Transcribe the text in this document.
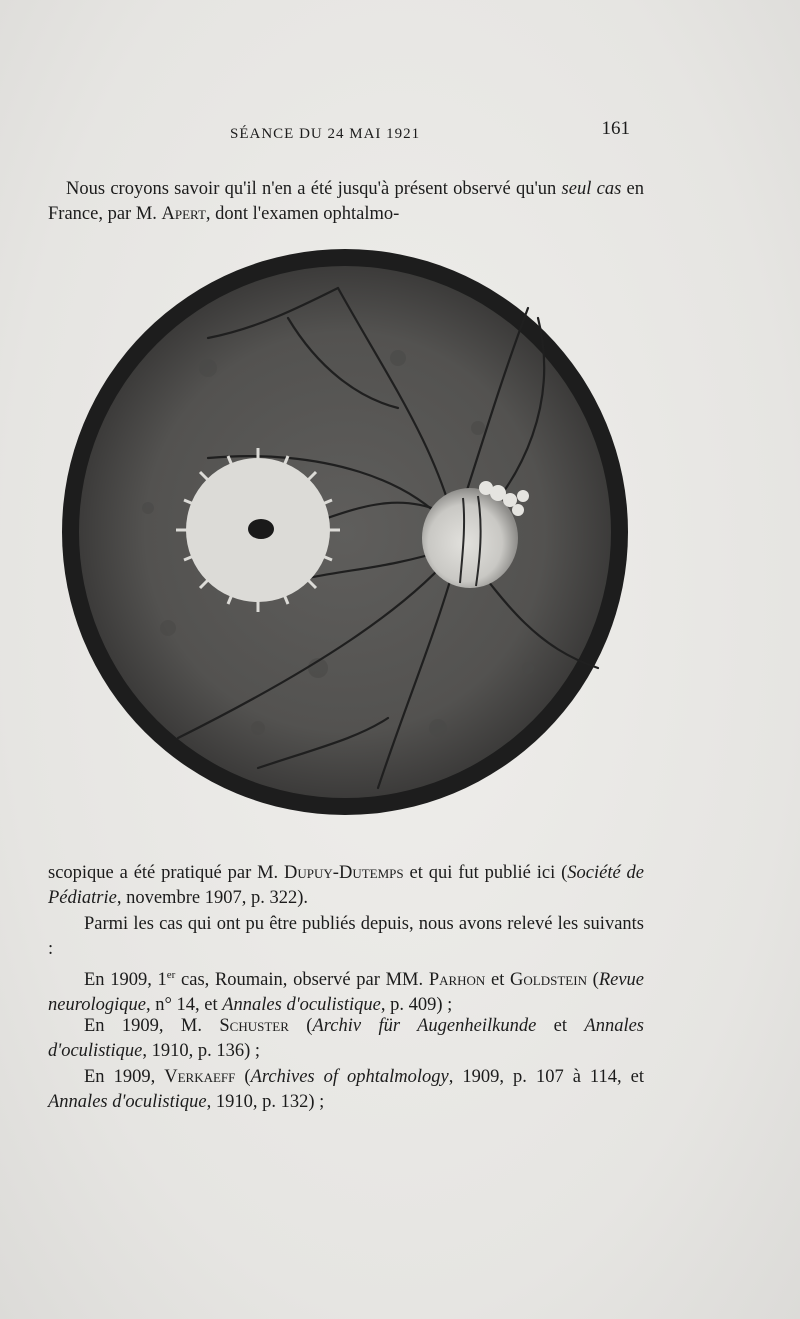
SÉANCE DU 24 MAI 1921	161

Nous croyons savoir qu'il n'en a été jusqu'à présent observé qu'un seul cas en France, par M. Apert, dont l'examen ophtalmo-

scopique a été pratiqué par M. Dupuy-Dutemps et qui fut publié ici (Société de Pédiatrie, novembre 1907, p. 322).

Parmi les cas qui ont pu être publiés depuis, nous avons relevé les suivants :

En 1909, 1er cas, Roumain, observé par MM. Parhon et Goldstein (Revue neurologique, n° 14, et Annales d'oculistique, p. 409) ;

En 1909, M. Schuster (Archiv für Augenheilkunde et Annales d'oculistique, 1910, p. 136) ;

En 1909, Verkaeff (Archives of ophtalmology, 1909, p. 107 à 114, et Annales d'oculistique, 1910, p. 132) ;
